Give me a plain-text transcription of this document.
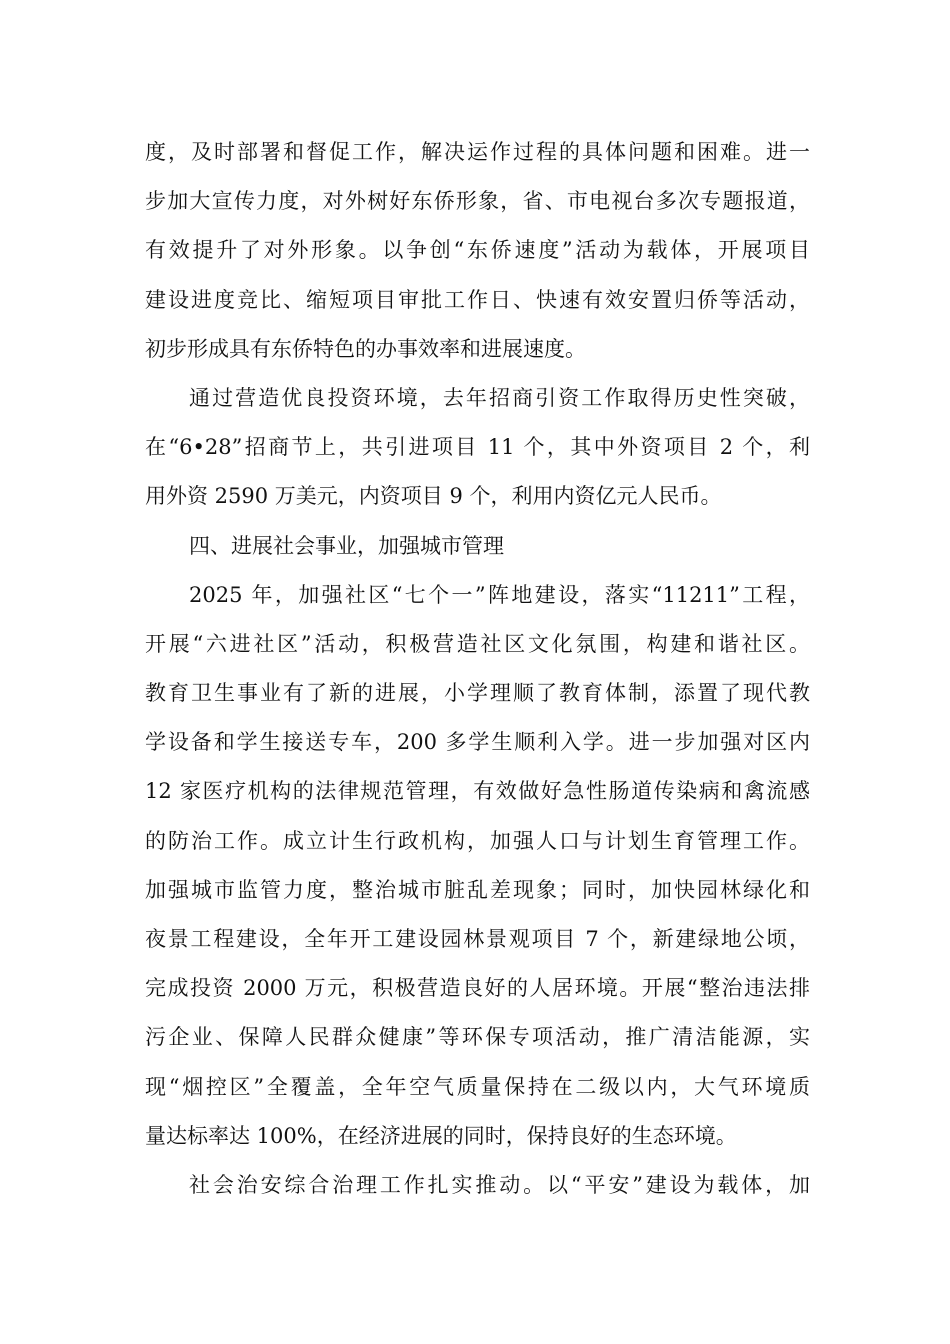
度，及时部署和督促工作，解决运作过程的具体问题和困难。进一
步加大宣传力度，对外树好东侨形象，省、市电视台多次专题报道，
有效提升了对外形象。以争创“东侨速度”活动为载体，开展项目
建设进度竞比、缩短项目审批工作日、快速有效安置归侨等活动，
初步形成具有东侨特色的办事效率和进展速度。
通过营造优良投资环境，去年招商引资工作取得历史性突破，
在“6•28”招商节上，共引进项目 11 个，其中外资项目 2 个，利
用外资 2590 万美元，内资项目 9 个，利用内资亿元人民币。
四、进展社会事业，加强城市管理
2025 年，加强社区“七个一”阵地建设，落实“11211”工程，
开展“六进社区”活动，积极营造社区文化氛围，构建和谐社区。
教育卫生事业有了新的进展，小学理顺了教育体制，添置了现代教
学设备和学生接送专车，200 多学生顺利入学。进一步加强对区内
12 家医疗机构的法律规范管理，有效做好急性肠道传染病和禽流感
的防治工作。成立计生行政机构，加强人口与计划生育管理工作。
加强城市监管力度，整治城市脏乱差现象；同时，加快园林绿化和
夜景工程建设，全年开工建设园林景观项目 7 个，新建绿地公顷，
完成投资 2000 万元，积极营造良好的人居环境。开展“整治违法排
污企业、保障人民群众健康”等环保专项活动，推广清洁能源，实
现“烟控区”全覆盖，全年空气质量保持在二级以内，大气环境质
量达标率达 100%，在经济进展的同时，保持良好的生态环境。
社会治安综合治理工作扎实推动。以“平安”建设为载体，加
